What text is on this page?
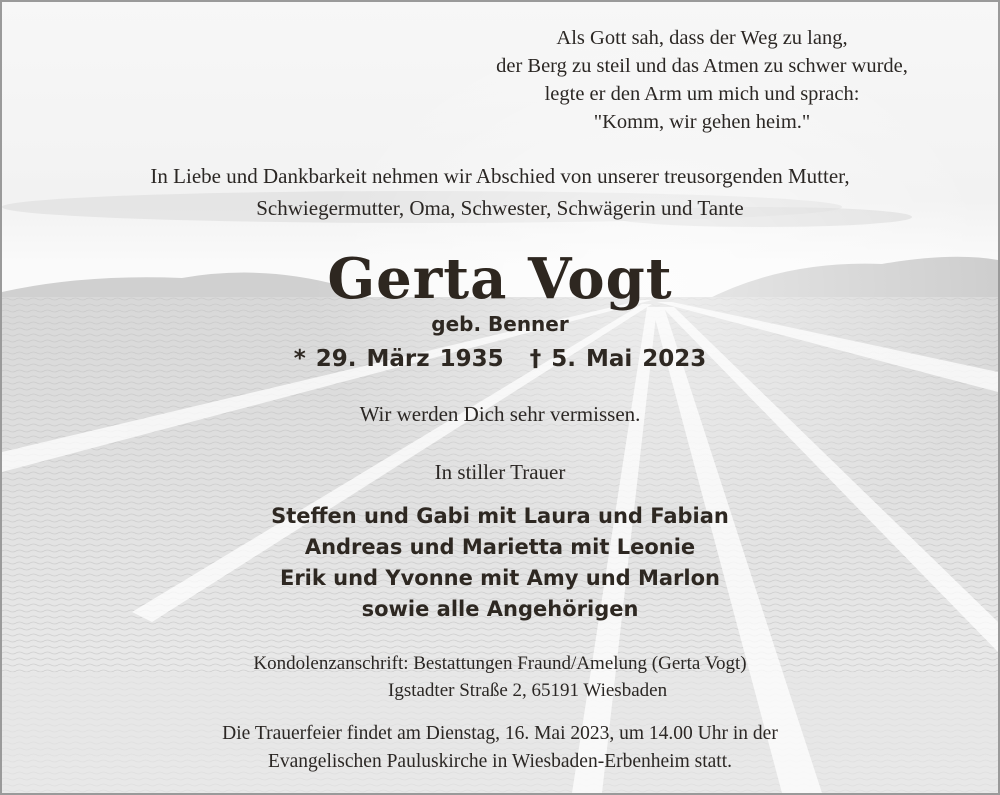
Als Gott sah, dass der Weg zu lang,
der Berg zu steil und das Atmen zu schwer wurde,
legte er den Arm um mich und sprach:
"Komm, wir gehen heim."
In Liebe und Dankbarkeit nehmen wir Abschied von unserer treusorgenden Mutter,
Schwiegermutter, Oma, Schwester, Schwägerin und Tante
Gerta Vogt
geb. Benner
* 29. März 1935 † 5. Mai 2023
Wir werden Dich sehr vermissen.
In stiller Trauer
Steffen und Gabi mit Laura und Fabian
Andreas und Marietta mit Leonie
Erik und Yvonne mit Amy und Marlon
sowie alle Angehörigen
Kondolenzanschrift: Bestattungen Fraund/Amelung (Gerta Vogt)
Igstadter Straße 2, 65191 Wiesbaden
Die Trauerfeier findet am Dienstag, 16. Mai 2023, um 14.00 Uhr in der
Evangelischen Pauluskirche in Wiesbaden-Erbenheim statt.
